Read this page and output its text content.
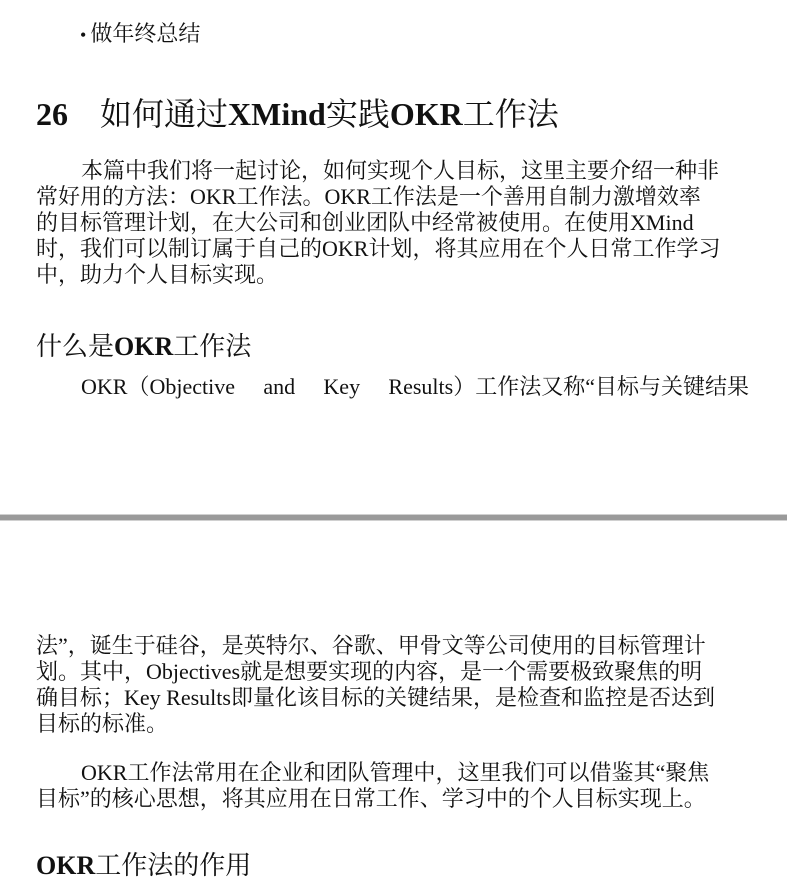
• 做年终总结
26 如何通过XMind实践OKR工作法
本篇中我们将一起讨论，如何实现个人目标，这里主要介绍一种非
常好用的方法：OKR工作法。OKR工作法是一个善用自制力激增效率
的目标管理计划，在大公司和创业团队中经常被使用。在使用XMind
时，我们可以制订属于自己的OKR计划，将其应用在个人日常工作学习
中，助力个人目标实现。
什么是OKR工作法
OKR（Objective and Key Results）工作法又称“目标与关键结果
法”，诞生于硅谷，是英特尔、谷歌、甲骨文等公司使用的目标管理计
划。其中，Objectives就是想要实现的内容，是一个需要极致聚焦的明
确目标；Key Results即量化该目标的关键结果，是检查和监控是否达到
目标的标准。
OKR工作法常用在企业和团队管理中，这里我们可以借鉴其“聚焦
目标”的核心思想，将其应用在日常工作、学习中的个人目标实现上。
OKR工作法的作用
